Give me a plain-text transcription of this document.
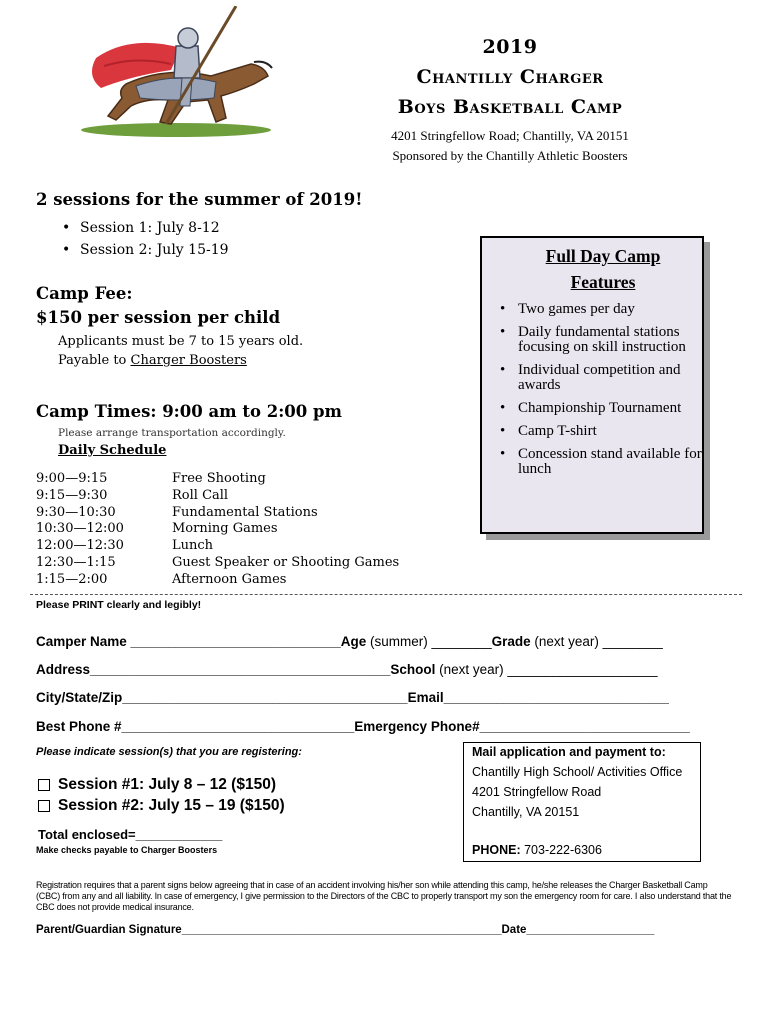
2019
Chantilly Charger
Boys Basketball Camp
4201 Stringfellow Road; Chantilly, VA 20151
Sponsored by the Chantilly Athletic Boosters
2 sessions for the summer of 2019!
• Session 1: July 8-12
• Session 2: July 15-19
Camp Fee:
$150 per session per child
Applicants must be 7 to 15 years old.
Payable to Charger Boosters
Camp Times: 9:00 am to 2:00 pm
Please arrange transportation accordingly.
Daily Schedule
9:00—9:15	Free Shooting
9:15—9:30	Roll Call
9:30—10:30	Fundamental Stations
10:30—12:00	Morning Games
12:00—12:30	Lunch
12:30—1:15	Guest Speaker or Shooting Games
1:15—2:00	Afternoon Games
Full Day Camp
Features
• Two games per day
• Daily fundamental stations focusing on skill instruction
• Individual competition and awards
• Championship Tournament
• Camp T-shirt
• Concession stand available for lunch
Please PRINT clearly and legibly!
Camper Name ____________________________Age (summer) ________Grade (next year) ________
Address________________________________________School (next year) ____________________
City/State/Zip______________________________________Email______________________________
Best Phone #_______________________________Emergency Phone#____________________________
Please indicate session(s) that you are registering:
Session #1: July 8 – 12 ($150)
Session #2: July 15 – 19 ($150)
Total enclosed=____________
Make checks payable to Charger Boosters
Mail application and payment to:
Chantilly High School/ Activities Office
4201 Stringfellow Road
Chantilly, VA 20151
PHONE: 703-222-6306
Registration requires that a parent signs below agreeing that in case of an accident involving his/her son while attending this camp, he/she releases the Charger Basketball Camp (CBC) from any and all liability. In case of emergency, I give permission to the Directors of the CBC to properly transport my son the emergency room for care. I also understand that the CBC does not provide medical insurance.
Parent/Guardian Signature__________________________________________________Date____________________
